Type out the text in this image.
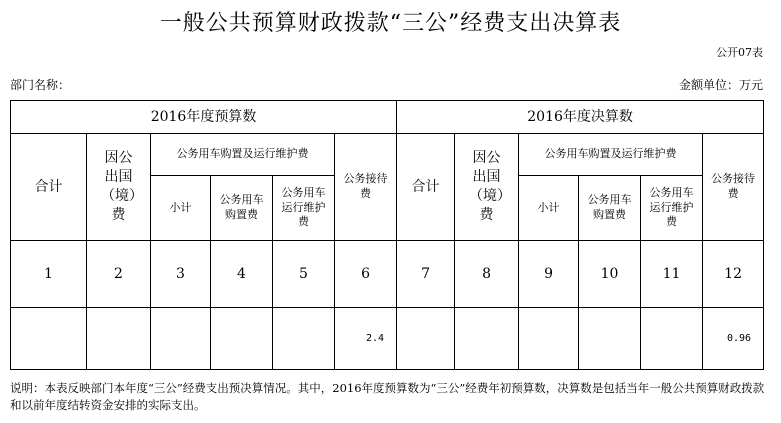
一般公共预算财政拨款“三公”经费支出决算表
公开07表
部门名称：	金额单位：万元
2016年度预算数						2016年度决算数					
合计	因公出国（境）费	公务用车购置及运行维护费			公务接待费	合计	因公出国（境）费	公务用车购置及运行维护费			公务接待费

		小计	公务用车购置费	公务用车运行维护费				小计	公务用车购置费	公务用车运行维护费	

1	2	3	4	5	6	7	8	9	10	11	12
					2.4						0.96
说明：本表反映部门本年度“三公”经费支出预决算情况。其中，2016年度预算数为“三公”经费年初预算数，决算数是包括当年一般公共预算财政拨款和以前年度结转资金安排的实际支出。
